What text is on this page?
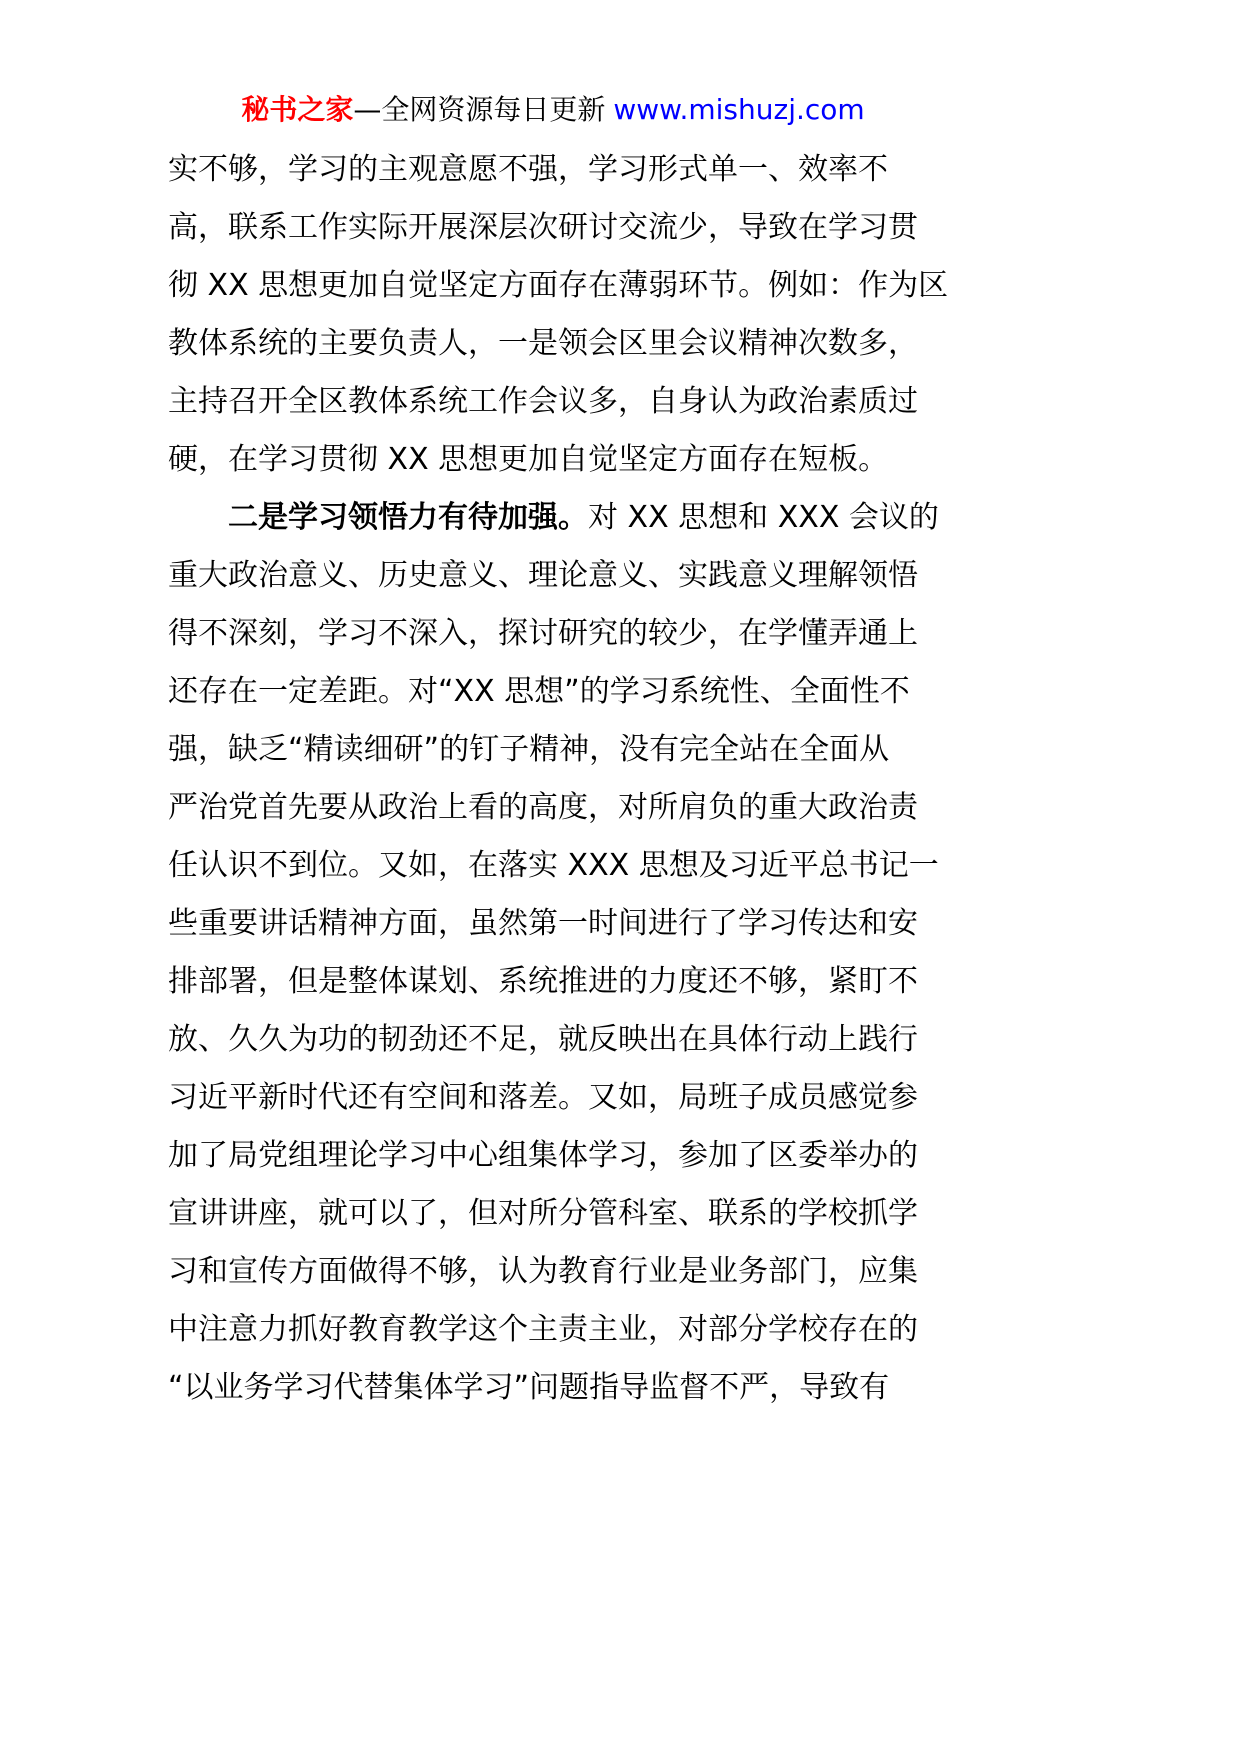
秘书之家—全网资源每日更新 www.mishuzj.com
实不够，学习的主观意愿不强，学习形式单一、效率不
高，联系工作实际开展深层次研讨交流少，导致在学习贯
彻 XX 思想更加自觉坚定方面存在薄弱环节。例如：作为区
教体系统的主要负责人，一是领会区里会议精神次数多，
主持召开全区教体系统工作会议多，自身认为政治素质过
硬，在学习贯彻 XX 思想更加自觉坚定方面存在短板。
二是学习领悟力有待加强。对 XX 思想和 XXX 会议的
重大政治意义、历史意义、理论意义、实践意义理解领悟
得不深刻，学习不深入，探讨研究的较少，在学懂弄通上
还存在一定差距。对“XX 思想”的学习系统性、全面性不
强，缺乏“精读细研”的钉子精神，没有完全站在全面从
严治党首先要从政治上看的高度，对所肩负的重大政治责
任认识不到位。又如，在落实 XXX 思想及习近平总书记一
些重要讲话精神方面，虽然第一时间进行了学习传达和安
排部署，但是整体谋划、系统推进的力度还不够，紧盯不
放、久久为功的韧劲还不足，就反映出在具体行动上践行
习近平新时代还有空间和落差。又如，局班子成员感觉参
加了局党组理论学习中心组集体学习，参加了区委举办的
宣讲讲座，就可以了，但对所分管科室、联系的学校抓学
习和宣传方面做得不够，认为教育行业是业务部门，应集
中注意力抓好教育教学这个主责主业，对部分学校存在的
“以业务学习代替集体学习”问题指导监督不严，导致有
